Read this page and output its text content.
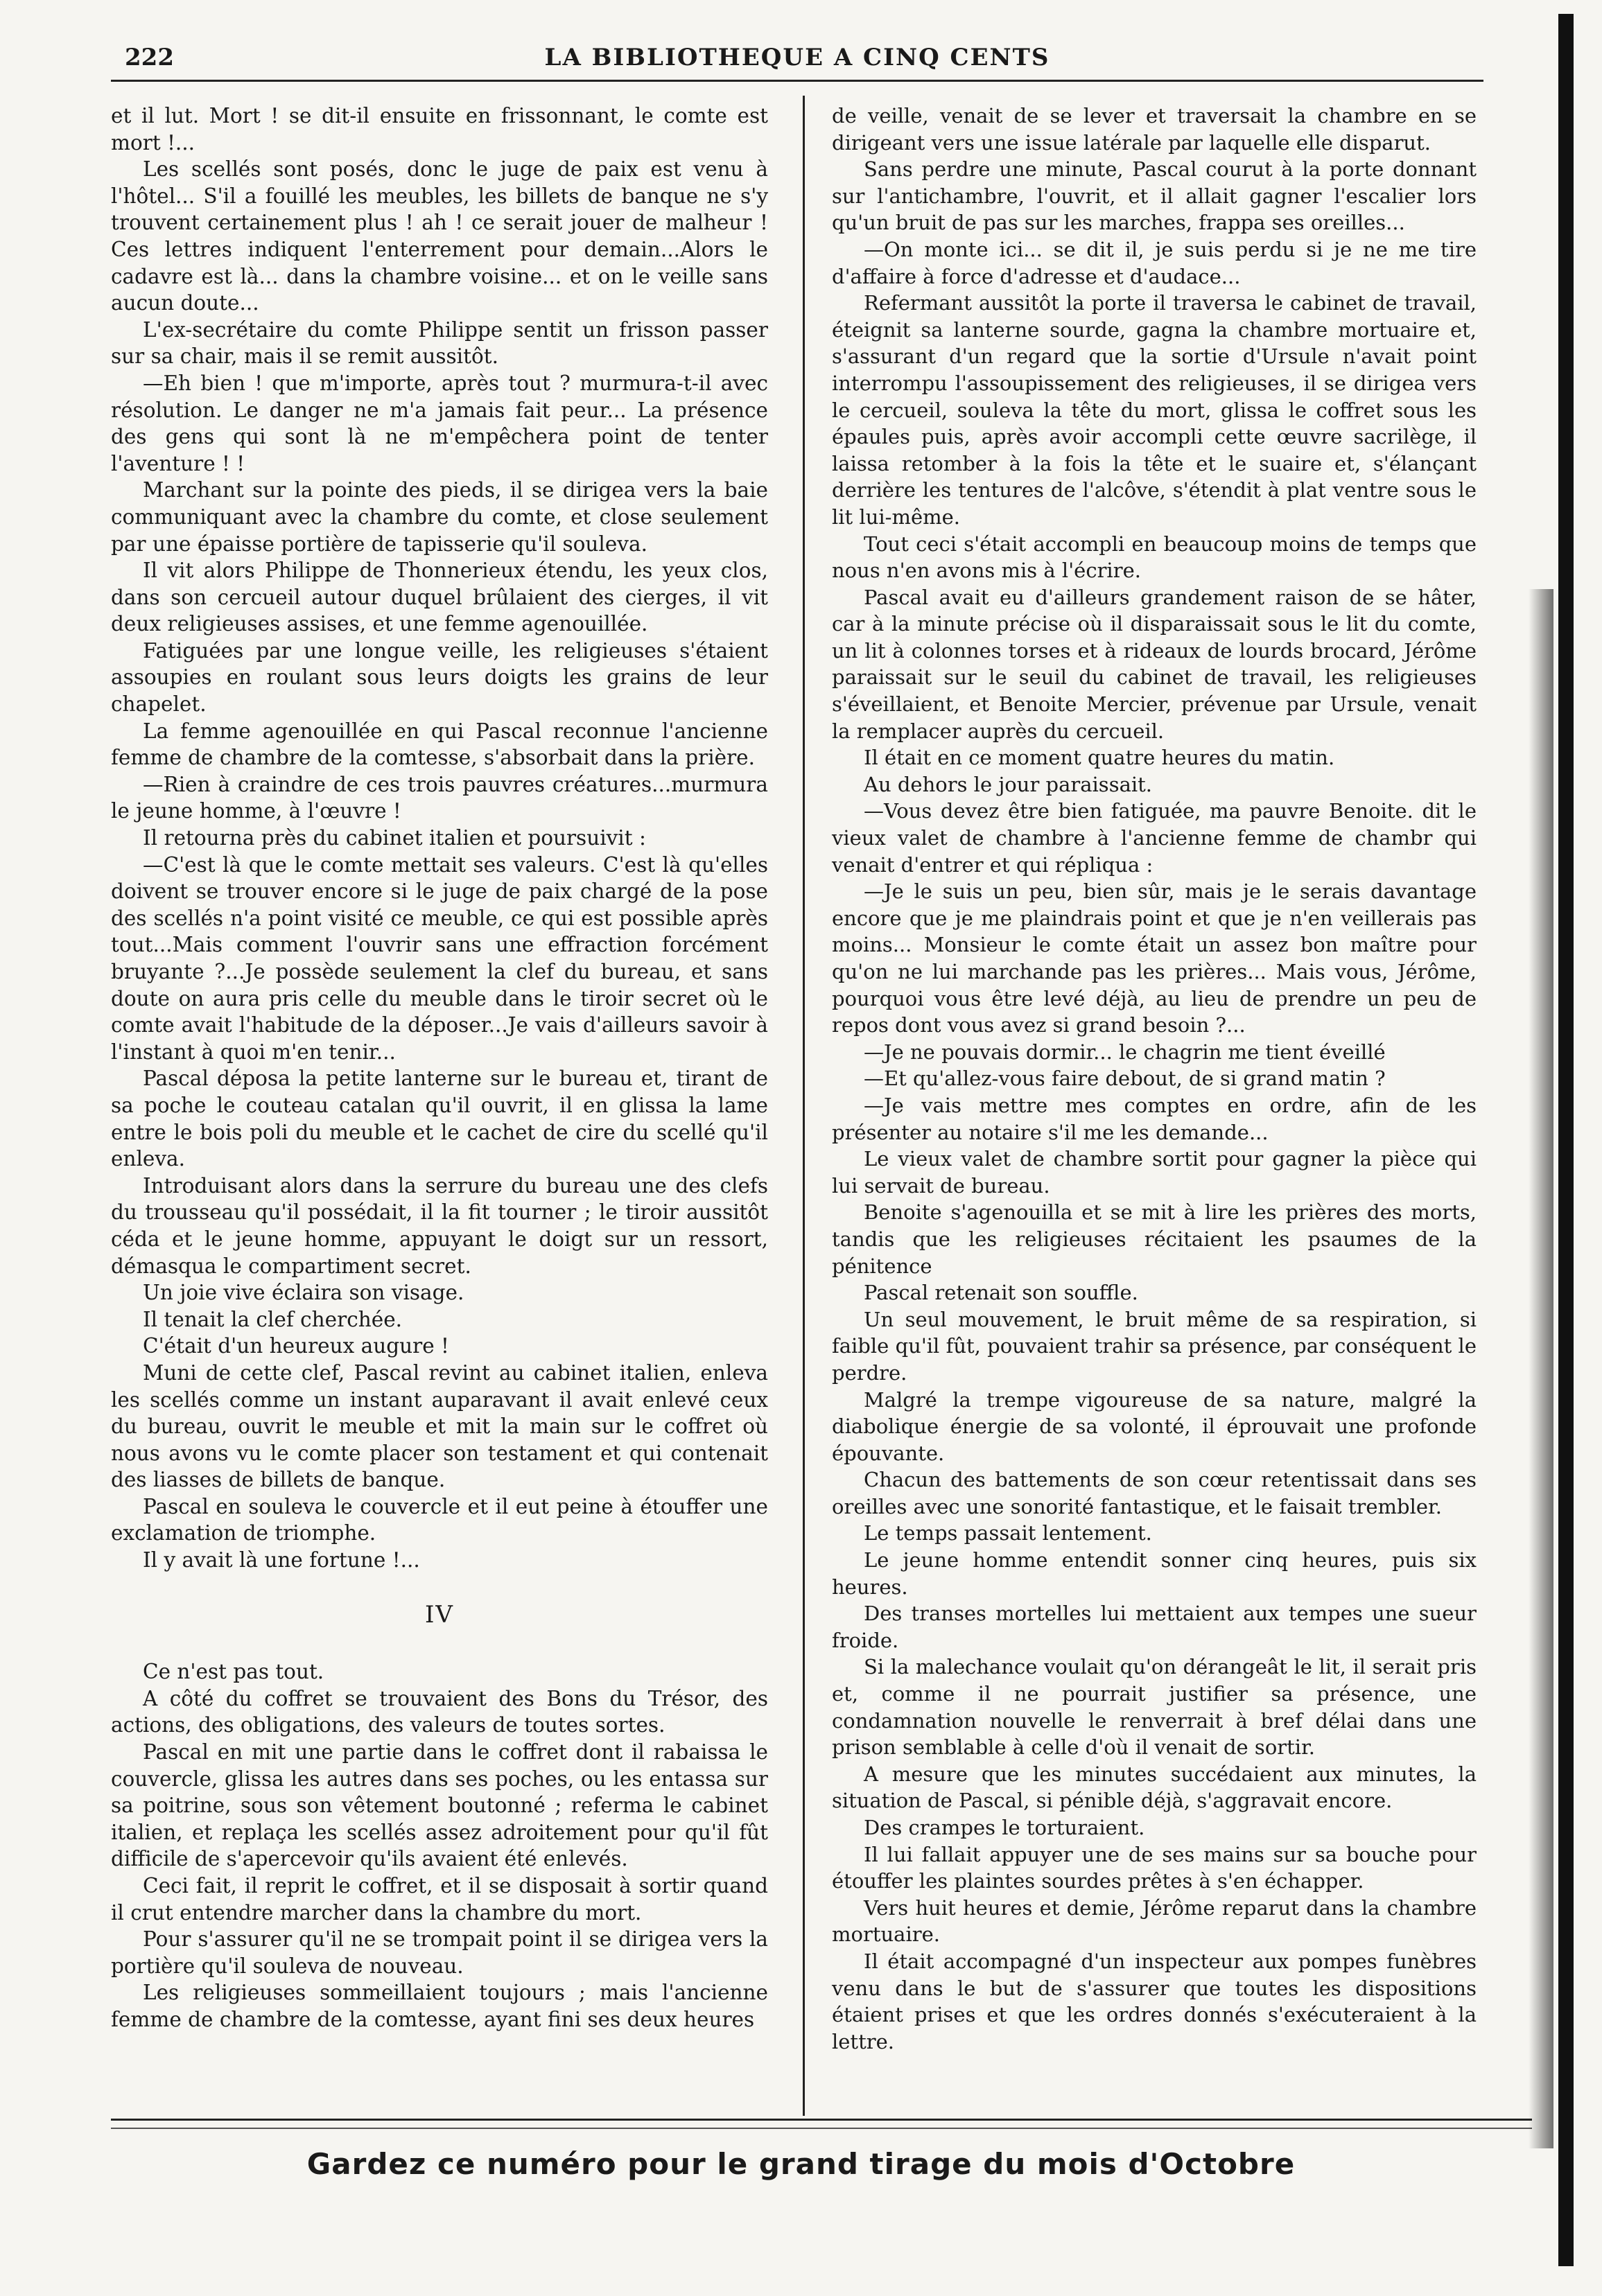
222	LA BIBLIOTHEQUE A CINQ CENTS

et il lut. Mort ! se dit-il ensuite en frissonnant, le comte est mort !...

Les scellés sont posés, donc le juge de paix est venu à l'hôtel... S'il a fouillé les meubles, les billets de banque ne s'y trouvent certainement plus ! ah ! ce serait jouer de malheur ! Ces lettres indiquent l'enterrement pour demain...Alors le cadavre est là... dans la chambre voisine... et on le veille sans aucun doute...

L'ex-secrétaire du comte Philippe sentit un frisson passer sur sa chair, mais il se remit aussitôt.

—Eh bien ! que m'importe, après tout ? murmura-t-il avec résolution. Le danger ne m'a jamais fait peur... La présence des gens qui sont là ne m'empêchera point de tenter l'aventure ! !

Marchant sur la pointe des pieds, il se dirigea vers la baie communiquant avec la chambre du comte, et close seulement par une épaisse portière de tapisserie qu'il souleva.

Il vit alors Philippe de Thonnerieux étendu, les yeux clos, dans son cercueil autour duquel brûlaient des cierges, il vit deux religieuses assises, et une femme agenouillée.

Fatiguées par une longue veille, les religieuses s'étaient assoupies en roulant sous leurs doigts les grains de leur chapelet.

La femme agenouillée en qui Pascal reconnue l'ancienne femme de chambre de la comtesse, s'absorbait dans la prière.

—Rien à craindre de ces trois pauvres créatures...murmura le jeune homme, à l'œuvre !

Il retourna près du cabinet italien et poursuivit :

—C'est là que le comte mettait ses valeurs. C'est là qu'elles doivent se trouver encore si le juge de paix chargé de la pose des scellés n'a point visité ce meuble, ce qui est possible après tout...Mais comment l'ouvrir sans une effraction forcément bruyante ?...Je possède seulement la clef du bureau, et sans doute on aura pris celle du meuble dans le tiroir secret où le comte avait l'habitude de la déposer...Je vais d'ailleurs savoir à l'instant à quoi m'en tenir...

Pascal déposa la petite lanterne sur le bureau et, tirant de sa poche le couteau catalan qu'il ouvrit, il en glissa la lame entre le bois poli du meuble et le cachet de cire du scellé qu'il enleva.

Introduisant alors dans la serrure du bureau une des clefs du trousseau qu'il possédait, il la fit tourner ; le tiroir aussitôt céda et le jeune homme, appuyant le doigt sur un ressort, démasqua le compartiment secret.

Un joie vive éclaira son visage.

Il tenait la clef cherchée.

C'était d'un heureux augure !

Muni de cette clef, Pascal revint au cabinet italien, enleva les scellés comme un instant auparavant il avait enlevé ceux du bureau, ouvrit le meuble et mit la main sur le coffret où nous avons vu le comte placer son testament et qui contenait des liasses de billets de banque.

Pascal en souleva le couvercle et il eut peine à étouffer une exclamation de triomphe.

Il y avait là une fortune !...

IV

Ce n'est pas tout.

A côté du coffret se trouvaient des Bons du Trésor, des actions, des obligations, des valeurs de toutes sortes.

Pascal en mit une partie dans le coffret dont il rabaissa le couvercle, glissa les autres dans ses poches, ou les entassa sur sa poitrine, sous son vêtement boutonné ; referma le cabinet italien, et replaça les scellés assez adroitement pour qu'il fût difficile de s'apercevoir qu'ils avaient été enlevés.

Ceci fait, il reprit le coffret, et il se disposait à sortir quand il crut entendre marcher dans la chambre du mort.

Pour s'assurer qu'il ne se trompait point il se dirigea vers la portière qu'il souleva de nouveau.

Les religieuses sommeillaient toujours ; mais l'ancienne femme de chambre de la comtesse, ayant fini ses deux heures

de veille, venait de se lever et traversait la chambre en se dirigeant vers une issue latérale par laquelle elle disparut.

Sans perdre une minute, Pascal courut à la porte donnant sur l'antichambre, l'ouvrit, et il allait gagner l'escalier lors qu'un bruit de pas sur les marches, frappa ses oreilles...

—On monte ici... se dit il, je suis perdu si je ne me tire d'affaire à force d'adresse et d'audace...

Refermant aussitôt la porte il traversa le cabinet de travail, éteignit sa lanterne sourde, gagna la chambre mortuaire et, s'assurant d'un regard que la sortie d'Ursule n'avait point interrompu l'assoupissement des religieuses, il se dirigea vers le cercueil, souleva la tête du mort, glissa le coffret sous les épaules puis, après avoir accompli cette œuvre sacrilège, il laissa retomber à la fois la tête et le suaire et, s'élançant derrière les tentures de l'alcôve, s'étendit à plat ventre sous le lit lui-même.

Tout ceci s'était accompli en beaucoup moins de temps que nous n'en avons mis à l'écrire.

Pascal avait eu d'ailleurs grandement raison de se hâter, car à la minute précise où il disparaissait sous le lit du comte, un lit à colonnes torses et à rideaux de lourds brocard, Jérôme paraissait sur le seuil du cabinet de travail, les religieuses s'éveillaient, et Benoite Mercier, prévenue par Ursule, venait la remplacer auprès du cercueil.

Il était en ce moment quatre heures du matin.

Au dehors le jour paraissait.

—Vous devez être bien fatiguée, ma pauvre Benoite. dit le vieux valet de chambre à l'ancienne femme de chambr qui venait d'entrer et qui répliqua :

—Je le suis un peu, bien sûr, mais je le serais davantage encore que je me plaindrais point et que je n'en veillerais pas moins... Monsieur le comte était un assez bon maître pour qu'on ne lui marchande pas les prières... Mais vous, Jérôme, pourquoi vous être levé déjà, au lieu de prendre un peu de repos dont vous avez si grand besoin ?...

—Je ne pouvais dormir... le chagrin me tient éveillé

—Et qu'allez-vous faire debout, de si grand matin ?

—Je vais mettre mes comptes en ordre, afin de les présenter au notaire s'il me les demande...

Le vieux valet de chambre sortit pour gagner la pièce qui lui servait de bureau.

Benoite s'agenouilla et se mit à lire les prières des morts, tandis que les religieuses récitaient les psaumes de la pénitence

Pascal retenait son souffle.

Un seul mouvement, le bruit même de sa respiration, si faible qu'il fût, pouvaient trahir sa présence, par conséquent le perdre.

Malgré la trempe vigoureuse de sa nature, malgré la diabolique énergie de sa volonté, il éprouvait une profonde épouvante.

Chacun des battements de son cœur retentissait dans ses oreilles avec une sonorité fantastique, et le faisait trembler.

Le temps passait lentement.

Le jeune homme entendit sonner cinq heures, puis six heures.

Des transes mortelles lui mettaient aux tempes une sueur froide.

Si la malechance voulait qu'on dérangeât le lit, il serait pris et, comme il ne pourrait justifier sa présence, une condamnation nouvelle le renverrait à bref délai dans une prison semblable à celle d'où il venait de sortir.

A mesure que les minutes succédaient aux minutes, la situation de Pascal, si pénible déjà, s'aggravait encore.

Des crampes le torturaient.

Il lui fallait appuyer une de ses mains sur sa bouche pour étouffer les plaintes sourdes prêtes à s'en échapper.

Vers huit heures et demie, Jérôme reparut dans la chambre mortuaire.

Il était accompagné d'un inspecteur aux pompes funèbres venu dans le but de s'assurer que toutes les dispositions étaient prises et que les ordres donnés s'exécuteraient à la lettre.

Gardez ce numéro pour le grand tirage du mois d'Octobre
